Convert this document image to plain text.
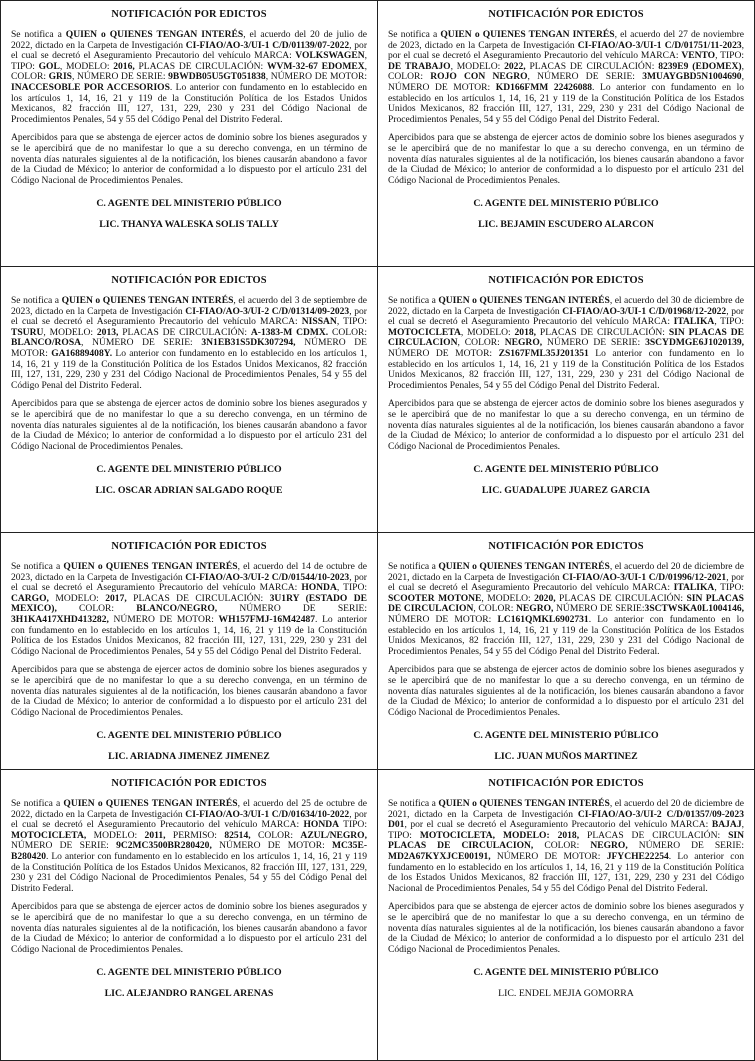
NOTIFICACIÓN POR EDICTOS

Se notifica a QUIEN o QUIENES TENGAN INTERÉS, el acuerdo del 20 de julio de 2022, dictado en la Carpeta de Investigación CI-FIAO/AO-3/UI-1 C/D/01139/07-2022, por el cual se decretó el Aseguramiento Precautorio del vehículo MARCA: VOLKSWAGEN, TIPO: GOL, MODELO: 2016, PLACAS DE CIRCULACIÓN: WVM-32-67 EDOMEX, COLOR: GRIS, NÚMERO DE SERIE: 9BWDB05U5GT051838, NÚMERO DE MOTOR: INACCESOBLE POR ACCESORIOS. Lo anterior con fundamento en lo establecido en los artículos 1, 14, 16, 21 y 119 de la Constitución Política de los Estados Unidos Mexicanos, 82 fracción III, 127, 131, 229, 230 y 231 del Código Nacional de Procedimientos Penales, 54 y 55 del Código Penal del Distrito Federal.

Apercibidos para que se abstenga de ejercer actos de dominio sobre los bienes asegurados y se le apercibirá que de no manifestar lo que a su derecho convenga, en un término de noventa días naturales siguientes al de la notificación, los bienes causarán abandono a favor de la Ciudad de México; lo anterior de conformidad a lo dispuesto por el artículo 231 del Código Nacional de Procedimientos Penales.

C. AGENTE DEL MINISTERIO PÚBLICO
LIC. THANYA WALESKA SOLIS TALLY
NOTIFICACIÓN POR EDICTOS

Se notifica a QUIEN o QUIENES TENGAN INTERÉS, el acuerdo del 27 de noviembre de 2023, dictado en la Carpeta de Investigación CI-FIAO/AO-3/UI-1 C/D/01751/11-2023, por el cual se decretó el Aseguramiento Precautorio del vehículo MARCA: VENTO, TIPO: DE TRABAJO, MODELO: 2022, PLACAS DE CIRCULACIÓN: 8239E9 (EDOMEX), COLOR: ROJO CON NEGRO, NÚMERO DE SERIE: 3MUAYGBD5N1004690, NÚMERO DE MOTOR: KD166FMM 22426088. Lo anterior con fundamento en lo establecido en los artículos 1, 14, 16, 21 y 119 de la Constitución Política de los Estados Unidos Mexicanos, 82 fracción III, 127, 131, 229, 230 y 231 del Código Nacional de Procedimientos Penales, 54 y 55 del Código Penal del Distrito Federal.

Apercibidos para que se abstenga de ejercer actos de dominio sobre los bienes asegurados y se le apercibirá que de no manifestar lo que a su derecho convenga, en un término de noventa días naturales siguientes al de la notificación, los bienes causarán abandono a favor de la Ciudad de México; lo anterior de conformidad a lo dispuesto por el artículo 231 del Código Nacional de Procedimientos Penales.

C. AGENTE DEL MINISTERIO PÚBLICO
LIC. BEJAMIN ESCUDERO ALARCON
NOTIFICACIÓN POR EDICTOS

Se notifica a QUIEN o QUIENES TENGAN INTERÉS, el acuerdo del 3 de septiembre de 2023, dictado en la Carpeta de Investigación CI-FIAO/AO-3/UI-2 C/D/01314/09-2023, por el cual se decretó el Aseguramiento Precautorio del vehículo MARCA: NISSAN, TIPO: TSURU, MODELO: 2013, PLACAS DE CIRCULACIÓN: A-1383-M CDMX. COLOR: BLANCO/ROSA, NÚMERO DE SERIE: 3N1EB31S5DK307294, NÚMERO DE MOTOR: GA16889408Y. Lo anterior con fundamento en lo establecido en los artículos 1, 14, 16, 21 y 119 de la Constitución Política de los Estados Unidos Mexicanos, 82 fracción III, 127, 131, 229, 230 y 231 del Código Nacional de Procedimientos Penales, 54 y 55 del Código Penal del Distrito Federal.

Apercibidos para que se abstenga de ejercer actos de dominio sobre los bienes asegurados y se le apercibirá que de no manifestar lo que a su derecho convenga, en un término de noventa días naturales siguientes al de la notificación, los bienes causarán abandono a favor de la Ciudad de México; lo anterior de conformidad a lo dispuesto por el artículo 231 del Código Nacional de Procedimientos Penales.

C. AGENTE DEL MINISTERIO PÚBLICO
LIC. OSCAR ADRIAN SALGADO ROQUE
NOTIFICACIÓN POR EDICTOS

Se notifica a QUIEN o QUIENES TENGAN INTERÉS, el acuerdo del 30 de diciembre de 2022, dictado en la Carpeta de Investigación CI-FIAO/AO-3/UI-1 C/D/01968/12-2022, por el cual se decretó el Aseguramiento Precautorio del vehículo MARCA: ITALIKA, TIPO: MOTOCICLETA, MODELO: 2018, PLACAS DE CIRCULACIÓN: SIN PLACAS DE CIRCULACION, COLOR: NEGRO, NÚMERO DE SERIE: 3SCYDMGE6J1020139, NÚMERO DE MOTOR: ZS167FML35J201351 Lo anterior con fundamento en lo establecido en los artículos 1, 14, 16, 21 y 119 de la Constitución Política de los Estados Unidos Mexicanos, 82 fracción III, 127, 131, 229, 230 y 231 del Código Nacional de Procedimientos Penales, 54 y 55 del Código Penal del Distrito Federal.

Apercibidos para que se abstenga de ejercer actos de dominio sobre los bienes asegurados y se le apercibirá que de no manifestar lo que a su derecho convenga, en un término de noventa días naturales siguientes al de la notificación, los bienes causarán abandono a favor de la Ciudad de México; lo anterior de conformidad a lo dispuesto por el artículo 231 del Código Nacional de Procedimientos Penales.

C. AGENTE DEL MINISTERIO PÚBLICO
LIC. GUADALUPE JUAREZ GARCIA
NOTIFICACIÓN POR EDICTOS

Se notifica a QUIEN o QUIENES TENGAN INTERÉS, el acuerdo del 14 de octubre de 2023, dictado en la Carpeta de Investigación CI-FIAO/AO-3/UI-2 C/D/01544/10-2023, por el cual se decretó el Aseguramiento Precautorio del vehículo MARCA: HONDA, TIPO: CARGO, MODELO: 2017, PLACAS DE CIRCULACIÓN: 3U1RY (ESTADO DE MEXICO), COLOR: BLANCO/NEGRO, NÚMERO DE SERIE: 3H1KA417XHD413282, NÚMERO DE MOTOR: WH157FMJ-16M42487. Lo anterior con fundamento en lo establecido en los artículos 1, 14, 16, 21 y 119 de la Constitución Política de los Estados Unidos Mexicanos, 82 fracción III, 127, 131, 229, 230 y 231 del Código Nacional de Procedimientos Penales, 54 y 55 del Código Penal del Distrito Federal.

Apercibidos para que se abstenga de ejercer actos de dominio sobre los bienes asegurados y se le apercibirá que de no manifestar lo que a su derecho convenga, en un término de noventa días naturales siguientes al de la notificación, los bienes causarán abandono a favor de la Ciudad de México; lo anterior de conformidad a lo dispuesto por el artículo 231 del Código Nacional de Procedimientos Penales.

C. AGENTE DEL MINISTERIO PÚBLICO
LIC. ARIADNA JIMENEZ JIMENEZ
NOTIFICACIÓN POR EDICTOS

Se notifica a QUIEN o QUIENES TENGAN INTERÉS, el acuerdo del 20 de diciembre de 2021, dictado en la Carpeta de Investigación CI-FIAO/AO-3/UI-1 C/D/01996/12-2021, por el cual se decretó el Aseguramiento Precautorio del vehículo MARCA: ITALIKA, TIPO: SCOOTER MOTONE, MODELO: 2020, PLACAS DE CIRCULACIÓN: SIN PLACAS DE CIRCULACION, COLOR: NEGRO, NÚMERO DE SERIE:3SCTWSKA0L1004146, NÚMERO DE MOTOR: LC161QMKL6902731. Lo anterior con fundamento en lo establecido en los artículos 1, 14, 16, 21 y 119 de la Constitución Política de los Estados Unidos Mexicanos, 82 fracción III, 127, 131, 229, 230 y 231 del Código Nacional de Procedimientos Penales, 54 y 55 del Código Penal del Distrito Federal.

Apercibidos para que se abstenga de ejercer actos de dominio sobre los bienes asegurados y se le apercibirá que de no manifestar lo que a su derecho convenga, en un término de noventa días naturales siguientes al de la notificación, los bienes causarán abandono a favor de la Ciudad de México; lo anterior de conformidad a lo dispuesto por el artículo 231 del Código Nacional de Procedimientos Penales.

C. AGENTE DEL MINISTERIO PÚBLICO
LIC. JUAN MUÑOS MARTINEZ
NOTIFICACIÓN POR EDICTOS

Se notifica a QUIEN o QUIENES TENGAN INTERÉS, el acuerdo del 25 de octubre de 2022, dictado en la Carpeta de Investigación CI-FIAO/AO-3/UI-1 C/D/01634/10-2022, por el cual se decretó el Aseguramiento Precautorio del vehículo MARCA: HONDA TIPO: MOTOCICLETA, MODELO: 2011, PERMISO: 82514, COLOR: AZUL/NEGRO, NÚMERO DE SERIE: 9C2MC3500BR280420, NÚMERO DE MOTOR: MC35E-B280420. Lo anterior con fundamento en lo establecido en los artículos 1, 14, 16, 21 y 119 de la Constitución Política de los Estados Unidos Mexicanos, 82 fracción III, 127, 131, 229, 230 y 231 del Código Nacional de Procedimientos Penales, 54 y 55 del Código Penal del Distrito Federal.

Apercibidos para que se abstenga de ejercer actos de dominio sobre los bienes asegurados y se le apercibirá que de no manifestar lo que a su derecho convenga, en un término de noventa días naturales siguientes al de la notificación, los bienes causarán abandono a favor de la Ciudad de México; lo anterior de conformidad a lo dispuesto por el artículo 231 del Código Nacional de Procedimientos Penales.

C. AGENTE DEL MINISTERIO PÚBLICO
LIC. ALEJANDRO RANGEL ARENAS
NOTIFICACIÓN POR EDICTOS

Se notifica a QUIEN o QUIENES TENGAN INTERÉS, el acuerdo del 20 de diciembre de 2021, dictado en la Carpeta de Investigación CI-FIAO/AO-3/UI-2 C/D/01357/09-2023 D01, por el cual se decretó el Aseguramiento Precautorio del vehículo MARCA: BAJAJ, TIPO: MOTOCICLETA, MODELO: 2018, PLACAS DE CIRCULACIÓN: SIN PLACAS DE CIRCULACION, COLOR: NEGRO, NÚMERO DE SERIE: MD2A67KYXJCE00191, NÚMERO DE MOTOR: JFYCHE22254. Lo anterior con fundamento en lo establecido en los artículos 1, 14, 16, 21 y 119 de la Constitución Política de los Estados Unidos Mexicanos, 82 fracción III, 127, 131, 229, 230 y 231 del Código Nacional de Procedimientos Penales, 54 y 55 del Código Penal del Distrito Federal.

Apercibidos para que se abstenga de ejercer actos de dominio sobre los bienes asegurados y se le apercibirá que de no manifestar lo que a su derecho convenga, en un término de noventa días naturales siguientes al de la notificación, los bienes causarán abandono a favor de la Ciudad de México; lo anterior de conformidad a lo dispuesto por el artículo 231 del Código Nacional de Procedimientos Penales.

C. AGENTE DEL MINISTERIO PÚBLICO
LIC. ENDEL MEJIA GOMORRA
